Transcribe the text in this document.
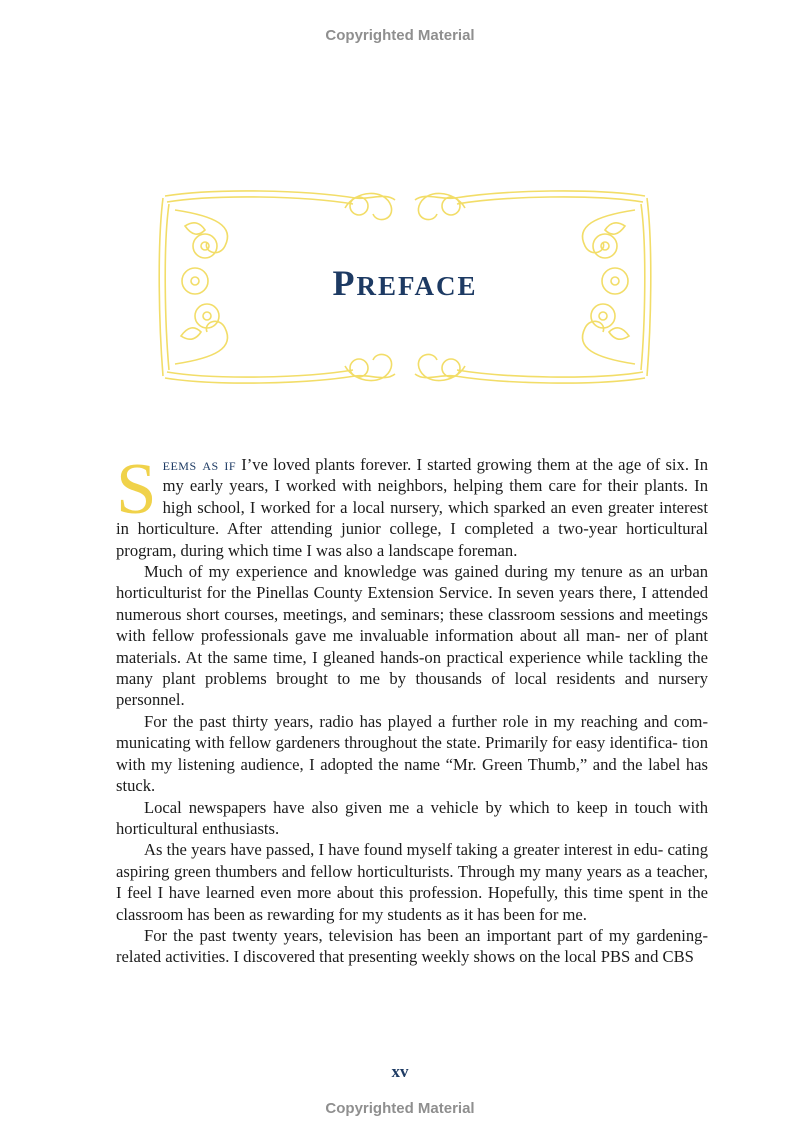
Copyrighted Material
PREFACE

Seems as if I’ve loved plants forever. I started growing them at the age of six. In my early years, I worked with neighbors, helping them care for their plants. In high school, I worked for a local nursery, which sparked an even greater interest in horticulture. After attending junior college, I completed a two-year horticultural program, during which time I was also a landscape foreman.

Much of my experience and knowledge was gained during my tenure as an urban horticulturist for the Pinellas County Extension Service. In seven years there, I attended numerous short courses, meetings, and seminars; these classroom sessions and meetings with fellow professionals gave me invaluable information about all man- ner of plant materials. At the same time, I gleaned hands-on practical experience while tackling the many plant problems brought to me by thousands of local residents and nursery personnel.

For the past thirty years, radio has played a further role in my reaching and com- municating with fellow gardeners throughout the state. Primarily for easy identifica- tion with my listening audience, I adopted the name “Mr. Green Thumb,” and the label has stuck.

Local newspapers have also given me a vehicle by which to keep in touch with horticultural enthusiasts.

As the years have passed, I have found myself taking a greater interest in edu- cating aspiring green thumbers and fellow horticulturists. Through my many years as a teacher, I feel I have learned even more about this profession. Hopefully, this time spent in the classroom has been as rewarding for my students as it has been for me.

For the past twenty years, television has been an important part of my gardening- related activities. I discovered that presenting weekly shows on the local PBS and CBS

xv
Copyrighted Material
